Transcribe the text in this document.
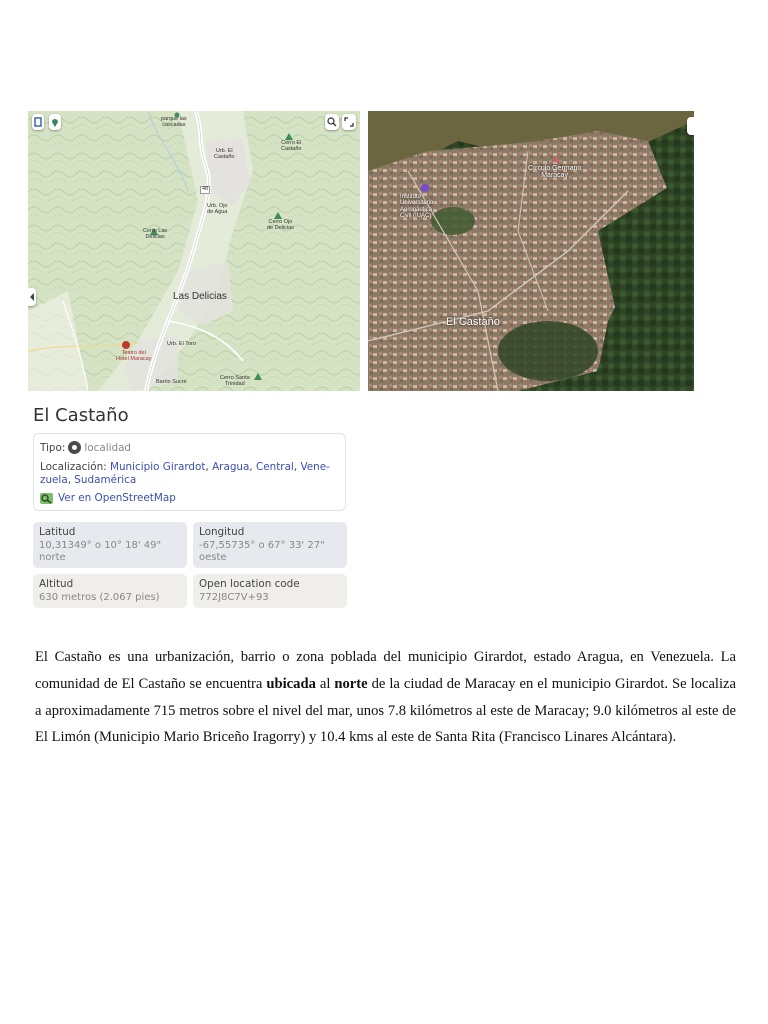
parque las
cascadas
Urb. El
Castaño
Cerro El
Castaño
48
Urb. Ojo
de Agua
Cerro Las
Delicias
Cerro Ojo
de Delicias
Las Delicias
Urb. El Toro
Teatro del
Hotel Maracay
Cerro Santa
Trinidad
Barrio Sucre
Círculo Germano
Maracay
Instituto
Universitario
Aeronáutica
Civil (IUAC)
El Castaño
El Castaño
Tipo: localidad
Localización: Municipio Girardot, Aragua, Central, Vene-
zuela, Sudamérica
Ver en OpenStreetMap
Latitud
10,31349° o 10° 18' 49" norte
Longitud
-67,55735° o 67° 33' 27"
oeste
Altitud
630 metros (2.067 pies)
Open location code
772J8C7V+93

El Castaño es una urbanización, barrio o zona poblada del municipio Girardot, estado Aragua, en Venezuela. La comunidad de El Castaño se encuentra ubicada al norte de la ciudad de Maracay en el municipio Girardot. Se localiza a aproximadamente 715 metros sobre el nivel del mar, unos 7.8 kilómetros al este de Maracay; 9.0 kilómetros al este de El Limón (Municipio Mario Briceño Iragorry) y 10.4 kms al este de Santa Rita (Francisco Linares Alcántara).
